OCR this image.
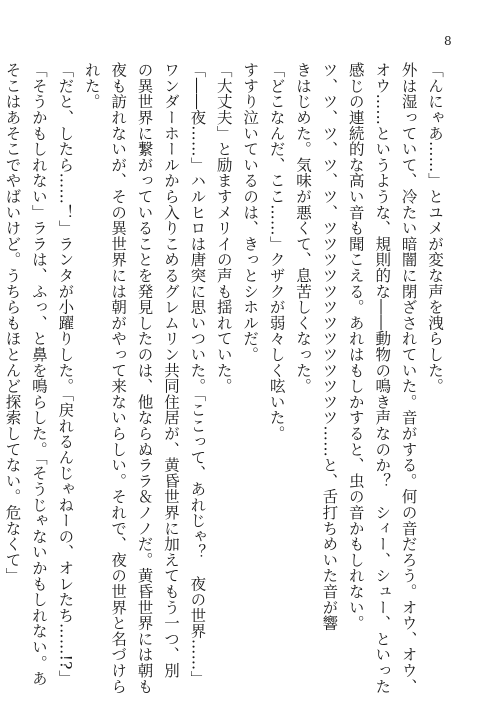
8
「んにゃあ……」とユメが変な声を洩らした。
外は湿っていて、冷たい暗闇に閉ざされていた。音がする。何の音だろう。オウ、オウ、
オウ……というような、規則的な――動物の鳴き声なのか？　シィー、シュー、といった
感じの連続的な高い音も聞こえる。あれはもしかすると、虫の音かもしれない。
ツ、ツ、ツ、ツ、ツ、ツツツツツツツツツツツツツ……と、舌打ちめいた音が響
きはじめた。気味が悪くて、息苦しくなった。
「どこなんだ、ここ……」クザクが弱々しく呟いた。
すすり泣いているのは、きっとシホルだ。
「大丈夫」と励ますメリイの声も揺れていた。
「――夜……」ハルヒロは唐突に思いついた。「ここって、あれじゃ？　夜の世界……」
ワンダーホールから入りこめるグレムリン共同住居が、黄昏世界に加えてもう一つ、別
の異世界に繋がっていることを発見したのは、他ならぬララ＆ノノだ。黄昏世界には朝も
夜も訪れないが、その異世界には朝がやって来ないらしい。それで、夜の世界と名づけら
れた。
「だと、したら……！」ランタが小躍りした。「戻れるんじゃねーの、オレたち……!?」
「そうかもしれない」ララは、ふっ、と鼻を鳴らした。「そうじゃないかもしれない。あ
そこはあそこでやばいけど。うちらもほとんど探索してない。危なくて」
